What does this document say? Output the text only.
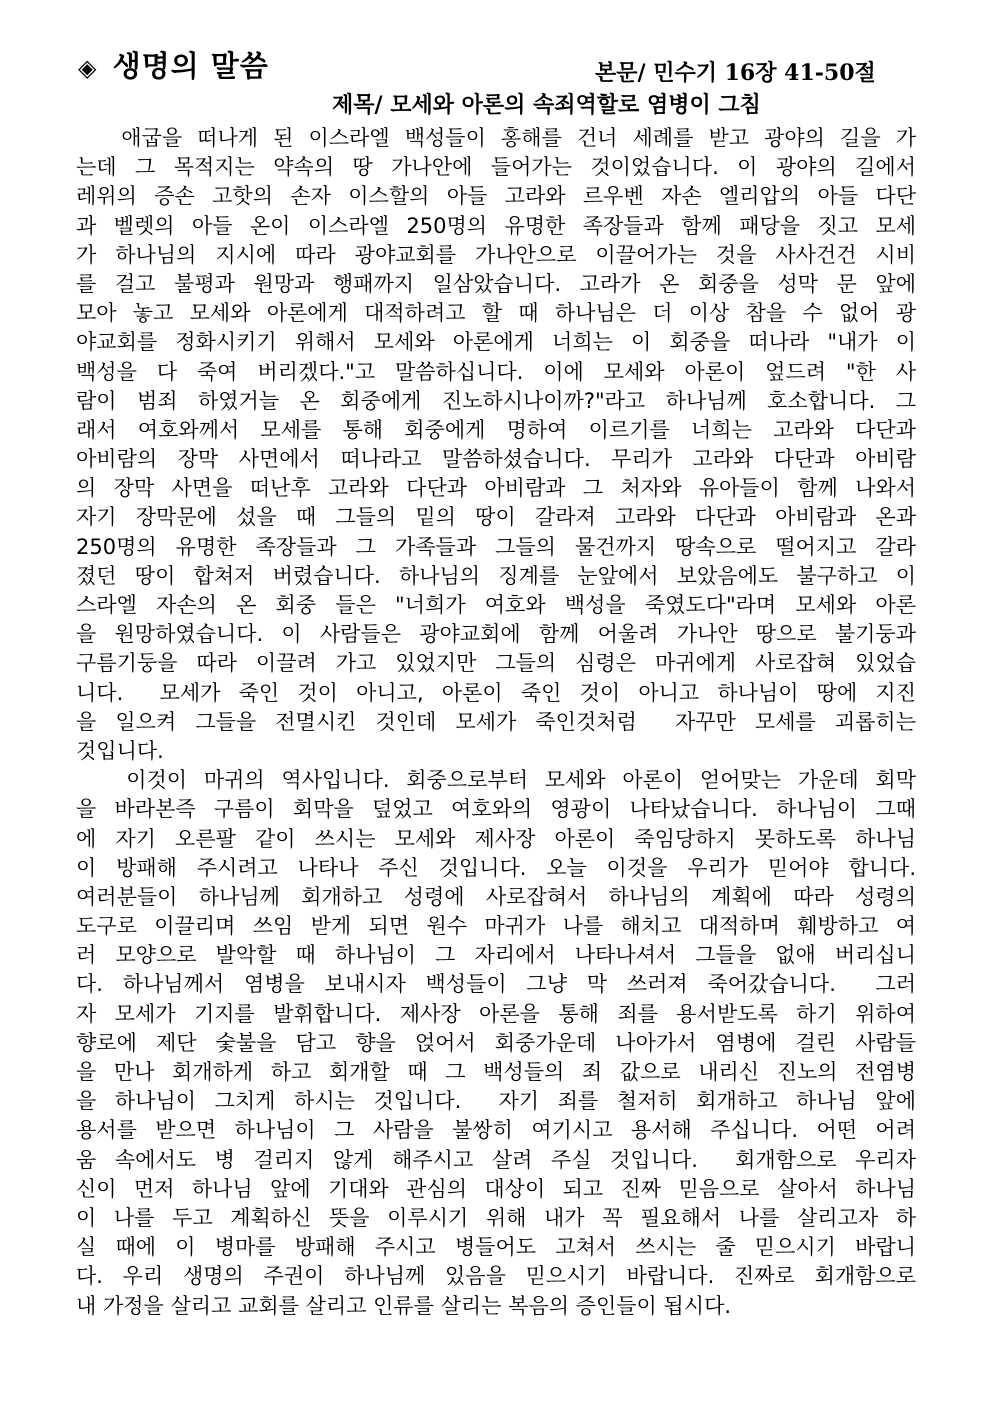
◈ 생명의 말씀	본문/ 민수기 16장 41-50절
제목/ 모세와 아론의 속죄역할로 염병이 그침
애굽을 떠나게 된 이스라엘 백성들이 홍해를 건너 세례를 받고 광야의 길을 가
는데 그 목적지는 약속의 땅 가나안에 들어가는 것이었습니다. 이 광야의 길에서
레위의 증손 고핫의 손자 이스할의 아들 고라와 르우벤 자손 엘리압의 아들 다단
과 벨렛의 아들 온이 이스라엘 250명의 유명한 족장들과 함께 패당을 짓고 모세
가 하나님의 지시에 따라 광야교회를 가나안으로 이끌어가는 것을 사사건건 시비
를 걸고 불평과 원망과 행패까지 일삼았습니다. 고라가 온 회중을 성막 문 앞에
모아 놓고 모세와 아론에게 대적하려고 할 때 하나님은 더 이상 참을 수 없어 광
야교회를 정화시키기 위해서 모세와 아론에게 너희는 이 회중을 떠나라 "내가 이
백성을 다 죽여 버리겠다."고 말씀하십니다. 이에 모세와 아론이 엎드려 "한 사
람이 범죄 하였거늘 온 회중에게 진노하시나이까?"라고 하나님께 호소합니다. 그
래서 여호와께서 모세를 통해 회중에게 명하여 이르기를 너희는 고라와 다단과
아비람의 장막 사면에서 떠나라고 말씀하셨습니다. 무리가 고라와 다단과 아비람
의 장막 사면을 떠난후 고라와 다단과 아비람과 그 처자와 유아들이 함께 나와서
자기 장막문에 섰을 때 그들의 밑의 땅이 갈라져 고라와 다단과 아비람과 온과
250명의 유명한 족장들과 그 가족들과 그들의 물건까지 땅속으로 떨어지고 갈라
졌던 땅이 합쳐저 버렸습니다. 하나님의 징계를 눈앞에서 보았음에도 불구하고 이
스라엘 자손의 온 회중 들은 "너희가 여호와 백성을 죽였도다"라며 모세와 아론
을 원망하였습니다. 이 사람들은 광야교회에 함께 어울려 가나안 땅으로 불기둥과
구름기둥을 따라 이끌려 가고 있었지만 그들의 심령은 마귀에게 사로잡혀 있었습
니다.  모세가 죽인 것이 아니고, 아론이 죽인 것이 아니고 하나님이 땅에 지진
을 일으켜 그들을 전멸시킨 것인데 모세가 죽인것처럼  자꾸만 모세를 괴롭히는
것입니다.
이것이 마귀의 역사입니다. 회중으로부터 모세와 아론이 얻어맞는 가운데 회막
을 바라본즉 구름이 회막을 덮었고 여호와의 영광이 나타났습니다. 하나님이 그때
에 자기 오른팔 같이 쓰시는 모세와 제사장 아론이 죽임당하지 못하도록 하나님
이 방패해 주시려고 나타나 주신 것입니다. 오늘 이것을 우리가 믿어야 합니다.
여러분들이 하나님께 회개하고 성령에 사로잡혀서 하나님의 계획에 따라 성령의
도구로 이끌리며 쓰임 받게 되면 원수 마귀가 나를 해치고 대적하며 훼방하고 여
러 모양으로 발악할 때 하나님이 그 자리에서 나타나셔서 그들을 없애 버리십니
다. 하나님께서 염병을 보내시자 백성들이 그냥 막 쓰러져 죽어갔습니다.  그러
자 모세가 기지를 발휘합니다. 제사장 아론을 통해 죄를 용서받도록 하기 위하여
향로에 제단 숯불을 담고 향을 얹어서 회중가운데 나아가서 염병에 걸린 사람들
을 만나 회개하게 하고 회개할 때 그 백성들의 죄 값으로 내리신 진노의 전염병
을 하나님이 그치게 하시는 것입니다.  자기 죄를 철저히 회개하고 하나님 앞에
용서를 받으면 하나님이 그 사람을 불쌍히 여기시고 용서해 주십니다. 어떤 어려
움 속에서도 병 걸리지 않게 해주시고 살려 주실 것입니다.  회개함으로 우리자
신이 먼저 하나님 앞에 기대와 관심의 대상이 되고 진짜 믿음으로 살아서 하나님
이 나를 두고 계획하신 뜻을 이루시기 위해 내가 꼭 필요해서 나를 살리고자 하
실 때에 이 병마를 방패해 주시고 병들어도 고쳐서 쓰시는 줄 믿으시기 바랍니
다. 우리 생명의 주권이 하나님께 있음을 믿으시기 바랍니다. 진짜로 회개함으로
내 가정을 살리고 교회를 살리고 인류를 살리는 복음의 증인들이 됩시다.
